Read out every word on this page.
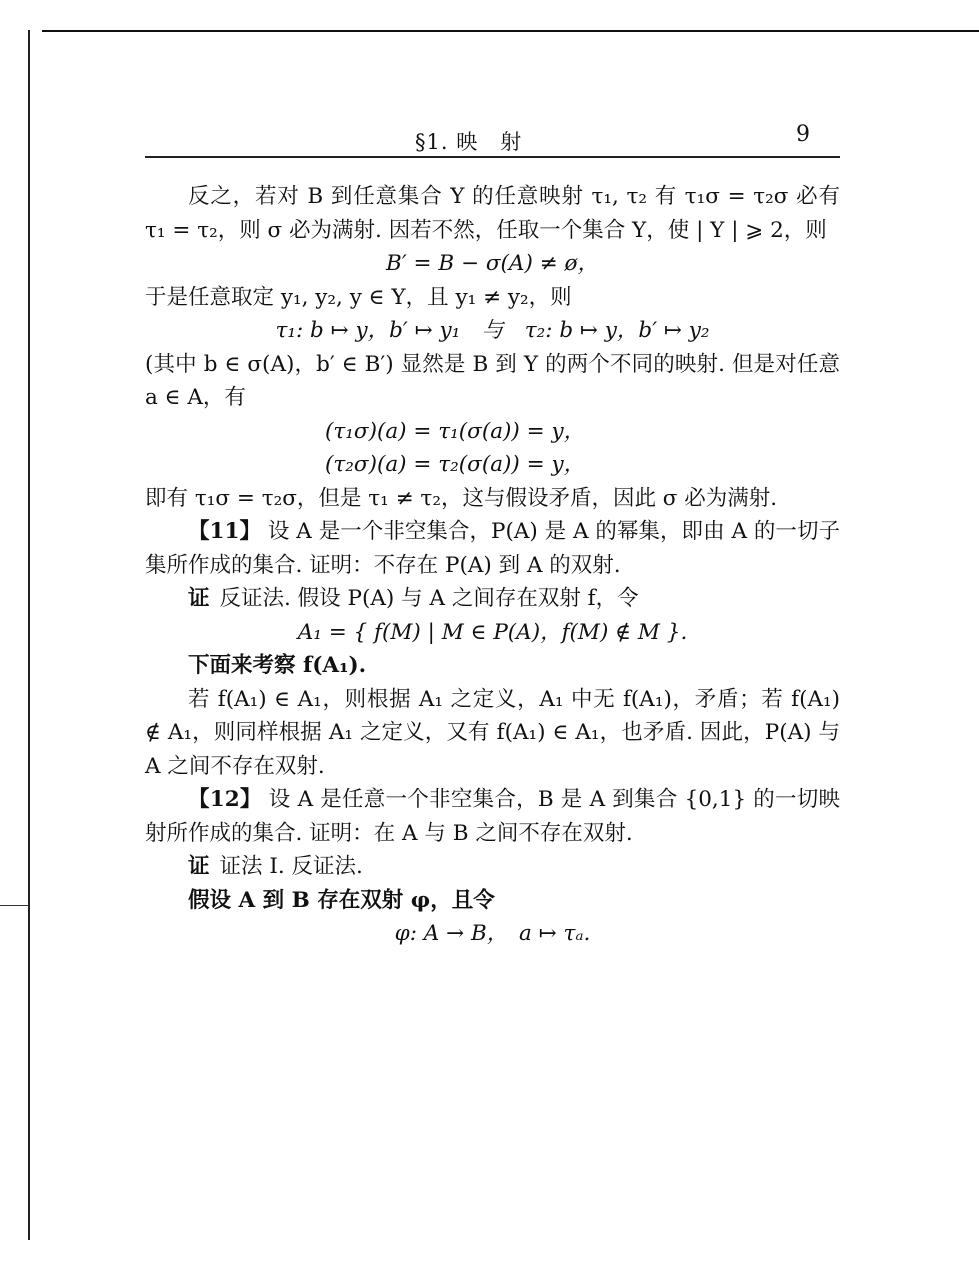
§1. 映　射	9

反之，若对 B 到任意集合 Y 的任意映射 τ₁, τ₂ 有 τ₁σ = τ₂σ 必有 τ₁ = τ₂，则 σ 必为满射. 因若不然，任取一个集合 Y，使 | Y | ⩾ 2，则

B′ = B − σ(A) ≠ ø，

于是任意取定 y₁, y₂, y ∈ Y，且 y₁ ≠ y₂，则

τ₁: b ↦ y，b′ ↦ y₁　与　τ₂: b ↦ y，b′ ↦ y₂

(其中 b ∈ σ(A)，b′ ∈ B′) 显然是 B 到 Y 的两个不同的映射. 但是对任意 a ∈ A，有

(τ₁σ)(a) = τ₁(σ(a)) = y，

(τ₂σ)(a) = τ₂(σ(a)) = y，

即有 τ₁σ = τ₂σ，但是 τ₁ ≠ τ₂，这与假设矛盾，因此 σ 必为满射.

【11】 设 A 是一个非空集合，P(A) 是 A 的幂集，即由 A 的一切子集所作成的集合. 证明：不存在 P(A) 到 A 的双射.

证 反证法. 假设 P(A) 与 A 之间存在双射 f，令

A₁ = { f(M) | M ∈ P(A)，f(M) ∉ M }.

下面来考察 f(A₁).

若 f(A₁) ∈ A₁，则根据 A₁ 之定义，A₁ 中无 f(A₁)，矛盾；若 f(A₁) ∉ A₁，则同样根据 A₁ 之定义，又有 f(A₁) ∈ A₁，也矛盾. 因此，P(A) 与 A 之间不存在双射.

【12】 设 A 是任意一个非空集合，B 是 A 到集合 {0,1} 的一切映射所作成的集合. 证明：在 A 与 B 之间不存在双射.

证 证法 Ⅰ. 反证法.

假设 A 到 B 存在双射 φ，且令

φ: A → B，　a ↦ τₐ.
